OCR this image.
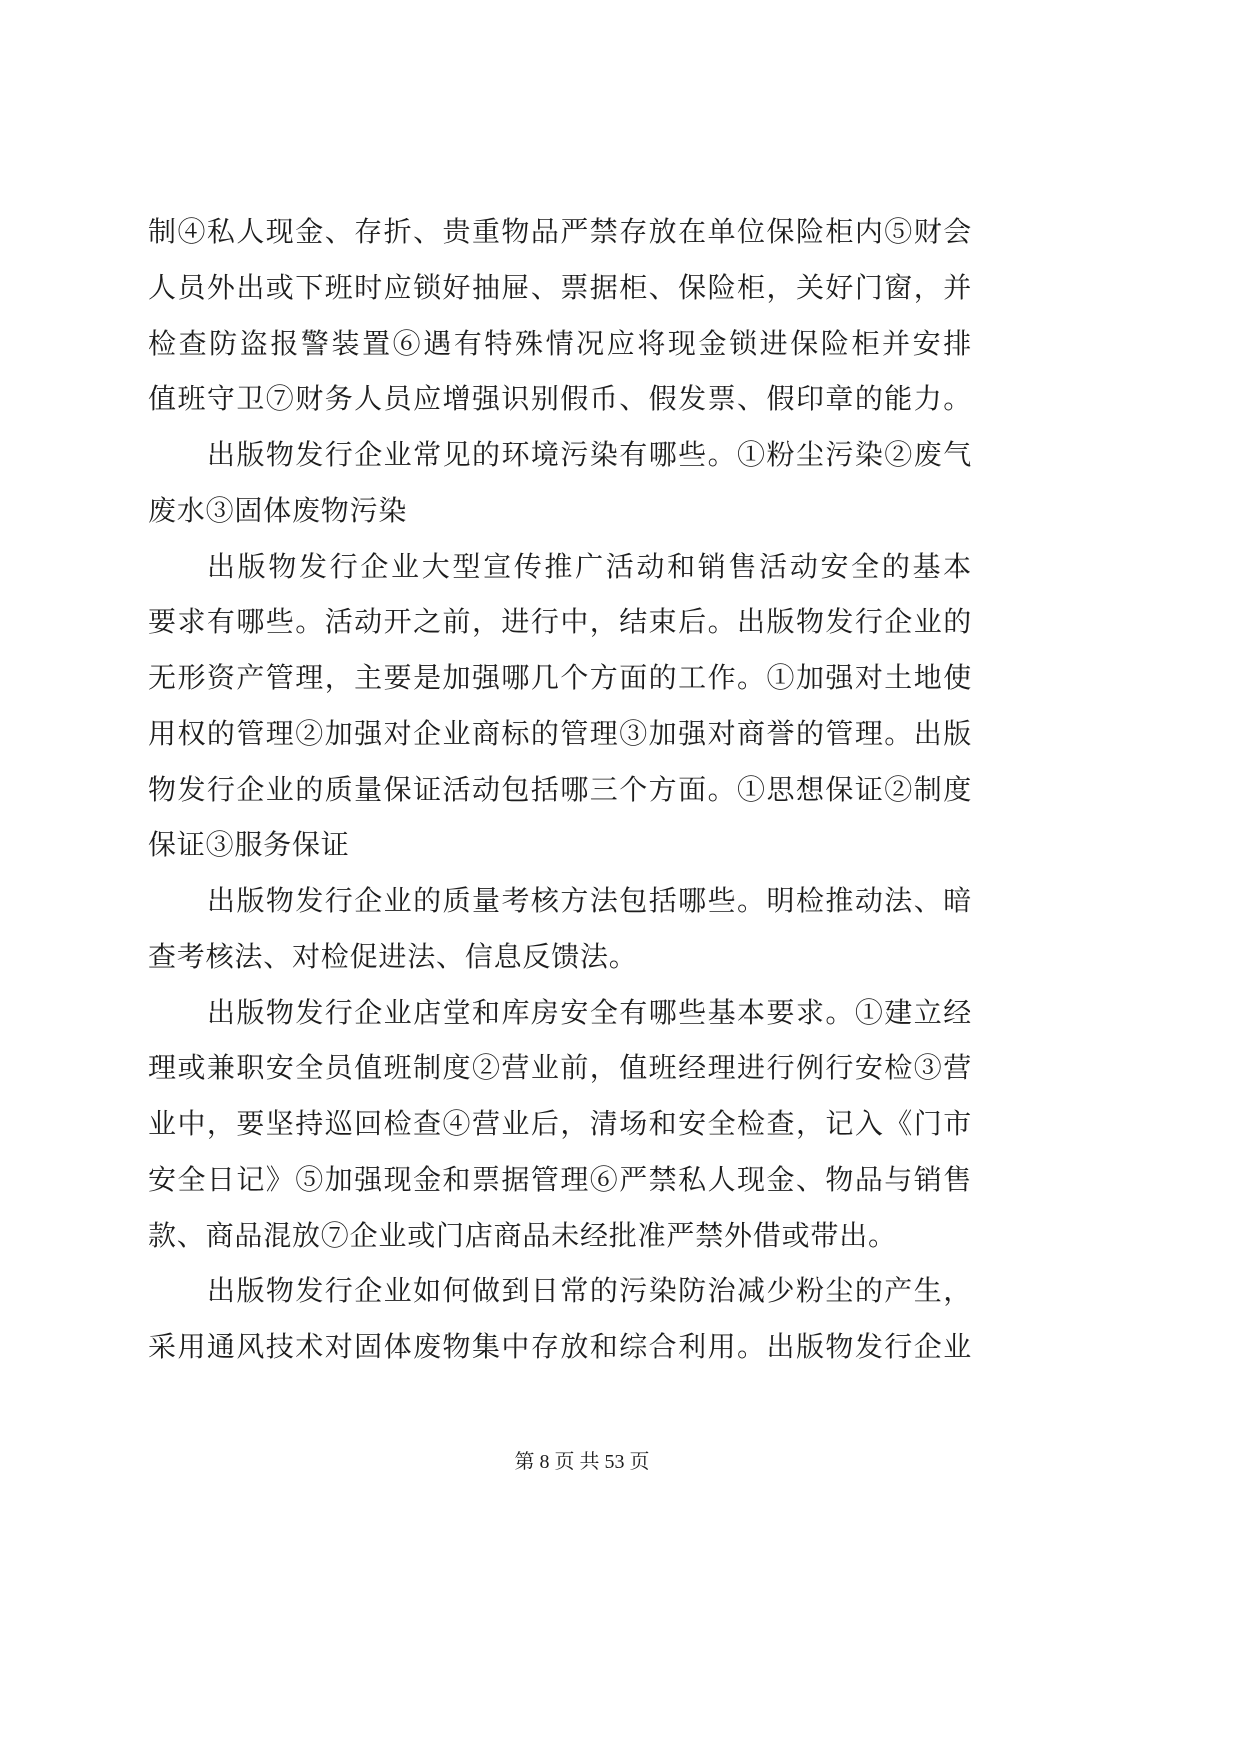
制④私人现金、存折、贵重物品严禁存放在单位保险柜内⑤财会
人员外出或下班时应锁好抽屉、票据柜、保险柜，关好门窗，并
检查防盗报警装置⑥遇有特殊情况应将现金锁进保险柜并安排
值班守卫⑦财务人员应增强识别假币、假发票、假印章的能力。
出版物发行企业常见的环境污染有哪些。①粉尘污染②废气
废水③固体废物污染
出版物发行企业大型宣传推广活动和销售活动安全的基本
要求有哪些。活动开之前，进行中，结束后。出版物发行企业的
无形资产管理，主要是加强哪几个方面的工作。①加强对土地使
用权的管理②加强对企业商标的管理③加强对商誉的管理。出版
物发行企业的质量保证活动包括哪三个方面。①思想保证②制度
保证③服务保证
出版物发行企业的质量考核方法包括哪些。明检推动法、暗
查考核法、对检促进法、信息反馈法。
出版物发行企业店堂和库房安全有哪些基本要求。①建立经
理或兼职安全员值班制度②营业前，值班经理进行例行安检③营
业中，要坚持巡回检查④营业后，清场和安全检查，记入《门市
安全日记》⑤加强现金和票据管理⑥严禁私人现金、物品与销售
款、商品混放⑦企业或门店商品未经批准严禁外借或带出。
出版物发行企业如何做到日常的污染防治减少粉尘的产生，
采用通风技术对固体废物集中存放和综合利用。出版物发行企业
第 8 页 共 53 页
